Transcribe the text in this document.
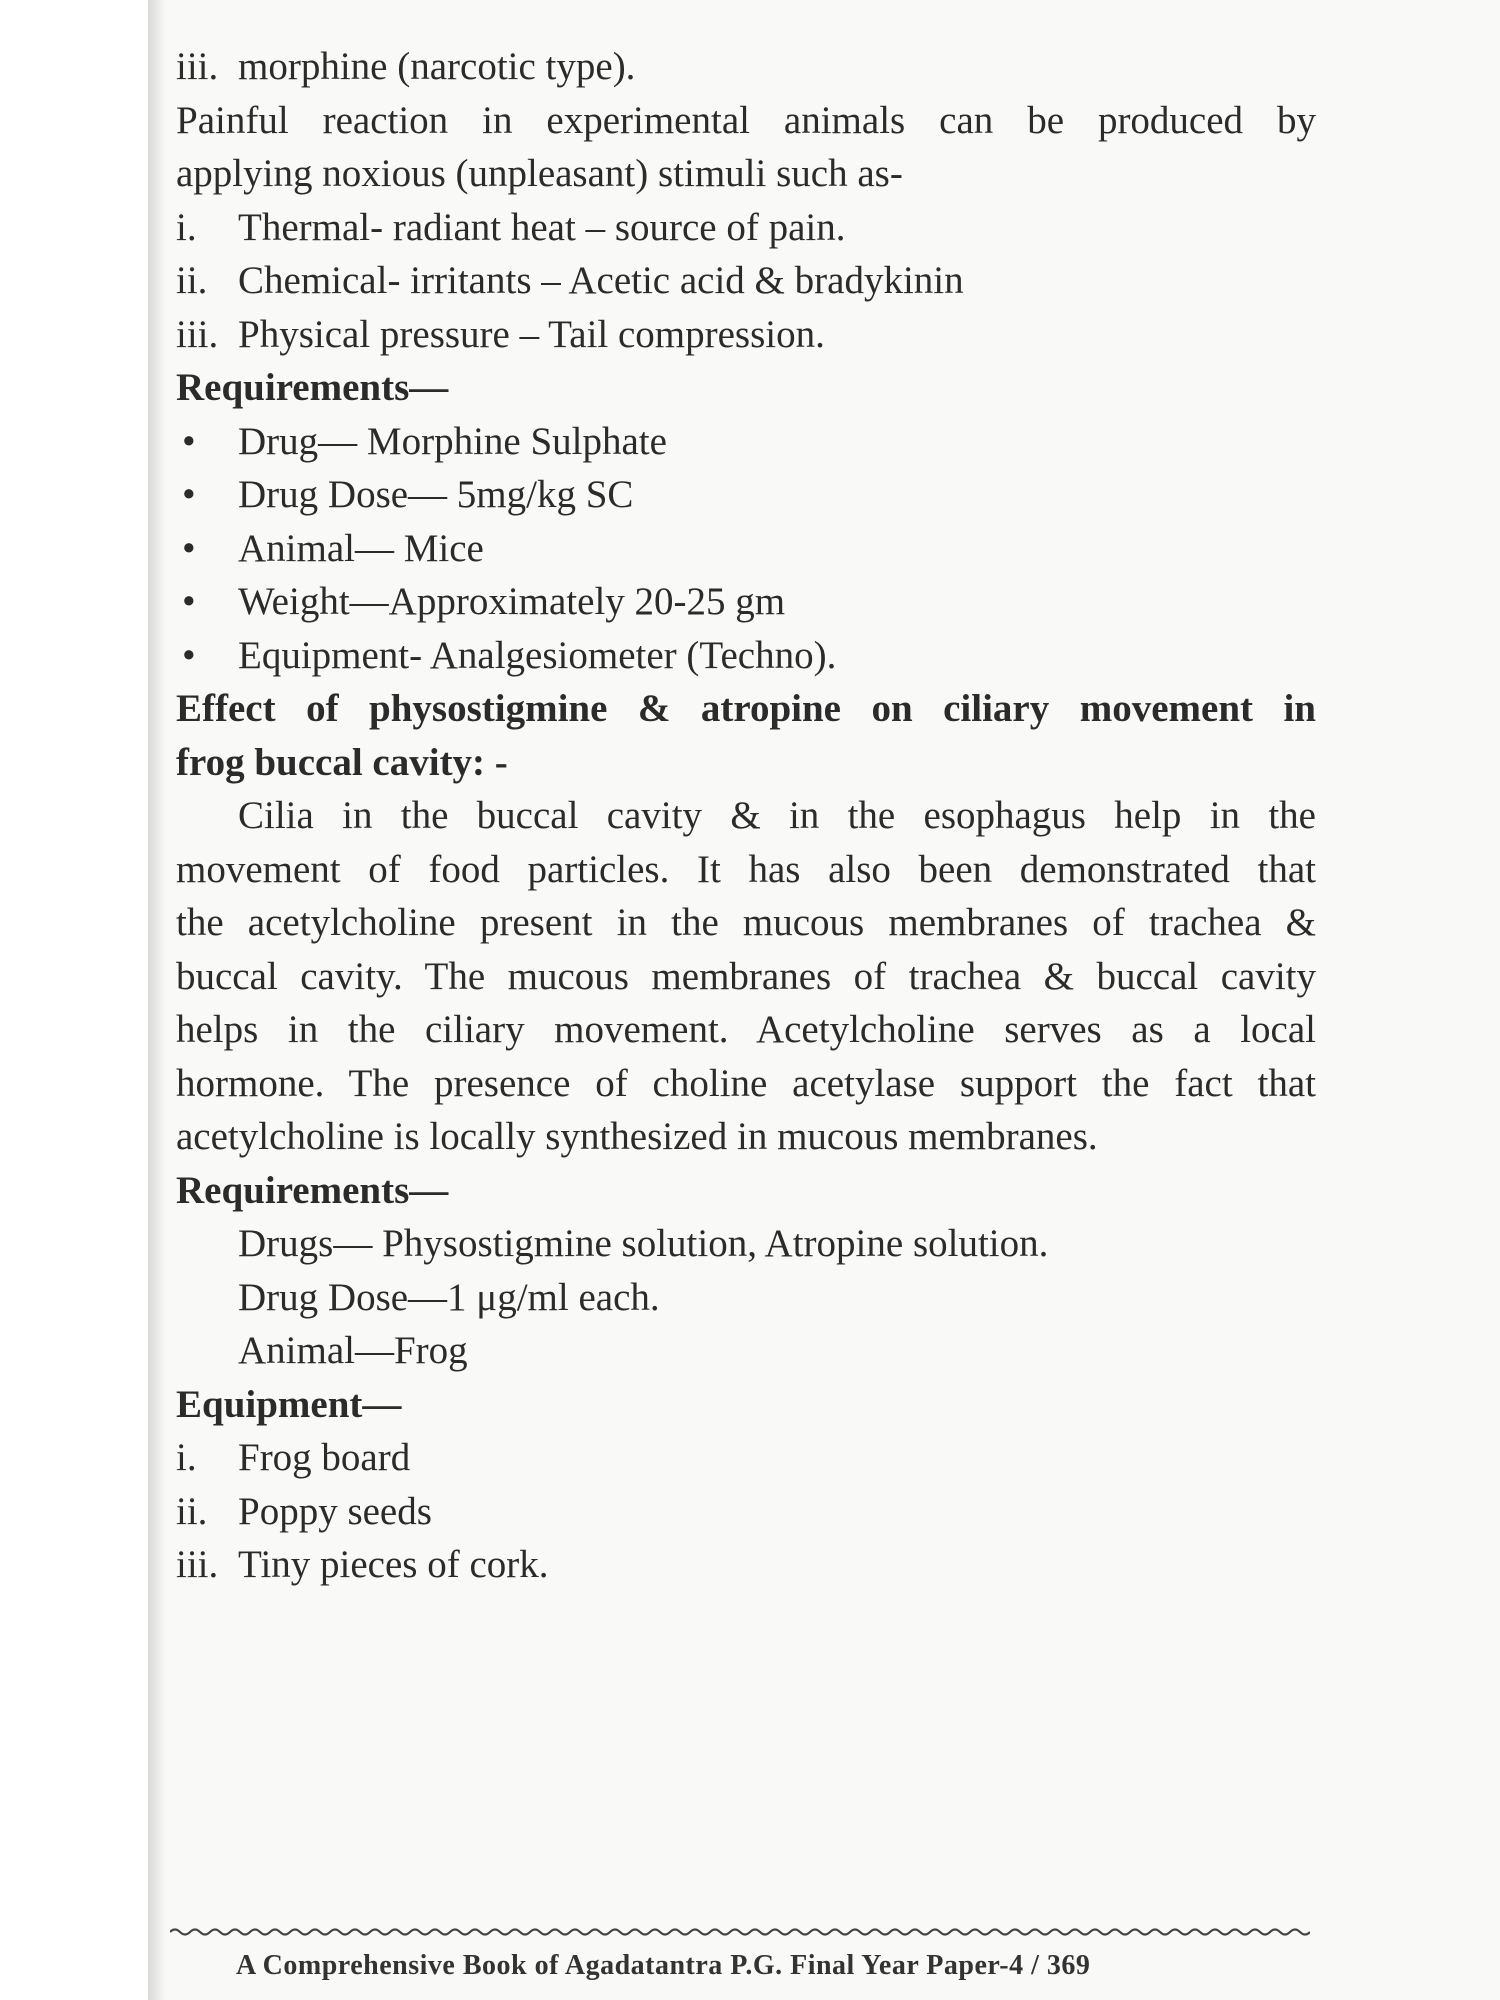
iii. morphine (narcotic type).
Painful reaction in experimental animals can be produced by
applying noxious (unpleasant) stimuli such as-
i. Thermal- radiant heat – source of pain.
ii. Chemical- irritants – Acetic acid & bradykinin
iii. Physical pressure – Tail compression.
Requirements—
• Drug— Morphine Sulphate
• Drug Dose— 5mg/kg SC
• Animal— Mice
• Weight—Approximately 20-25 gm
• Equipment- Analgesiometer (Techno).
Effect of physostigmine & atropine on ciliary movement in
frog buccal cavity: -
Cilia in the buccal cavity & in the esophagus help in the
movement of food particles. It has also been demonstrated that
the acetylcholine present in the mucous membranes of trachea &
buccal cavity. The mucous membranes of trachea & buccal cavity
helps in the ciliary movement. Acetylcholine serves as a local
hormone. The presence of choline acetylase support the fact that
acetylcholine is locally synthesized in mucous membranes.
Requirements—
Drugs— Physostigmine solution, Atropine solution.
Drug Dose—1 μg/ml each.
Animal—Frog
Equipment—
i. Frog board
ii. Poppy seeds
iii. Tiny pieces of cork.
A Comprehensive Book of Agadatantra P.G. Final Year Paper-4 / 369
